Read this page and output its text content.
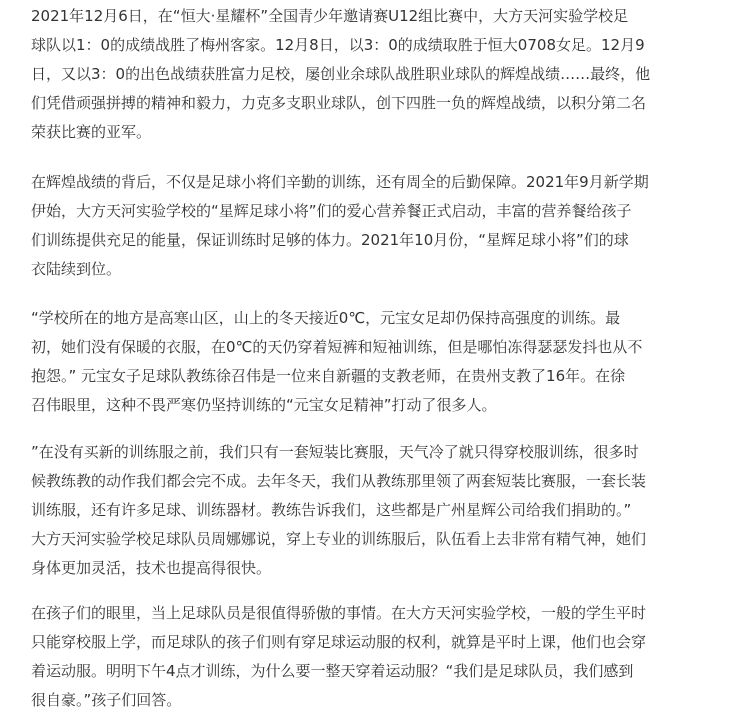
2021年12月6日，在“恒大·星耀杯”全国青少年邀请赛U12组比赛中，大方天河实验学校足
球队以1：0的成绩战胜了梅州客家。12月8日，以3：0的成绩取胜于恒大0708女足。12月9
日，又以3：0的出色战绩获胜富力足校，屡创业余球队战胜职业球队的辉煌战绩……最终，他
们凭借顽强拼搏的精神和毅力，力克多支职业球队，创下四胜一负的辉煌战绩，以积分第二名
荣获比赛的亚军。

在辉煌战绩的背后，不仅是足球小将们辛勤的训练，还有周全的后勤保障。2021年9月新学期
伊始，大方天河实验学校的“星辉足球小将”们的爱心营养餐正式启动，丰富的营养餐给孩子
们训练提供充足的能量，保证训练时足够的体力。2021年10月份，“星辉足球小将”们的球
衣陆续到位。

“学校所在的地方是高寒山区，山上的冬天接近0℃，元宝女足却仍保持高强度的训练。最
初，她们没有保暖的衣服，在0℃的天仍穿着短裤和短袖训练，但是哪怕冻得瑟瑟发抖也从不
抱怨。” 元宝女子足球队教练徐召伟是一位来自新疆的支教老师，在贵州支教了16年。在徐
召伟眼里，这种不畏严寒仍坚持训练的“元宝女足精神”打动了很多人。

”在没有买新的训练服之前，我们只有一套短装比赛服，天气冷了就只得穿校服训练，很多时
候教练教的动作我们都会完不成。去年冬天，我们从教练那里领了两套短装比赛服，一套长装
训练服，还有许多足球、训练器材。教练告诉我们，这些都是广州星辉公司给我们捐助的。”
大方天河实验学校足球队员周娜娜说，穿上专业的训练服后，队伍看上去非常有精气神，她们
身体更加灵活，技术也提高得很快。

在孩子们的眼里，当上足球队员是很值得骄傲的事情。在大方天河实验学校，一般的学生平时
只能穿校服上学，而足球队的孩子们则有穿足球运动服的权利，就算是平时上课，他们也会穿
着运动服。明明下午4点才训练，为什么要一整天穿着运动服？“我们是足球队员，我们感到
很自豪。”孩子们回答。
